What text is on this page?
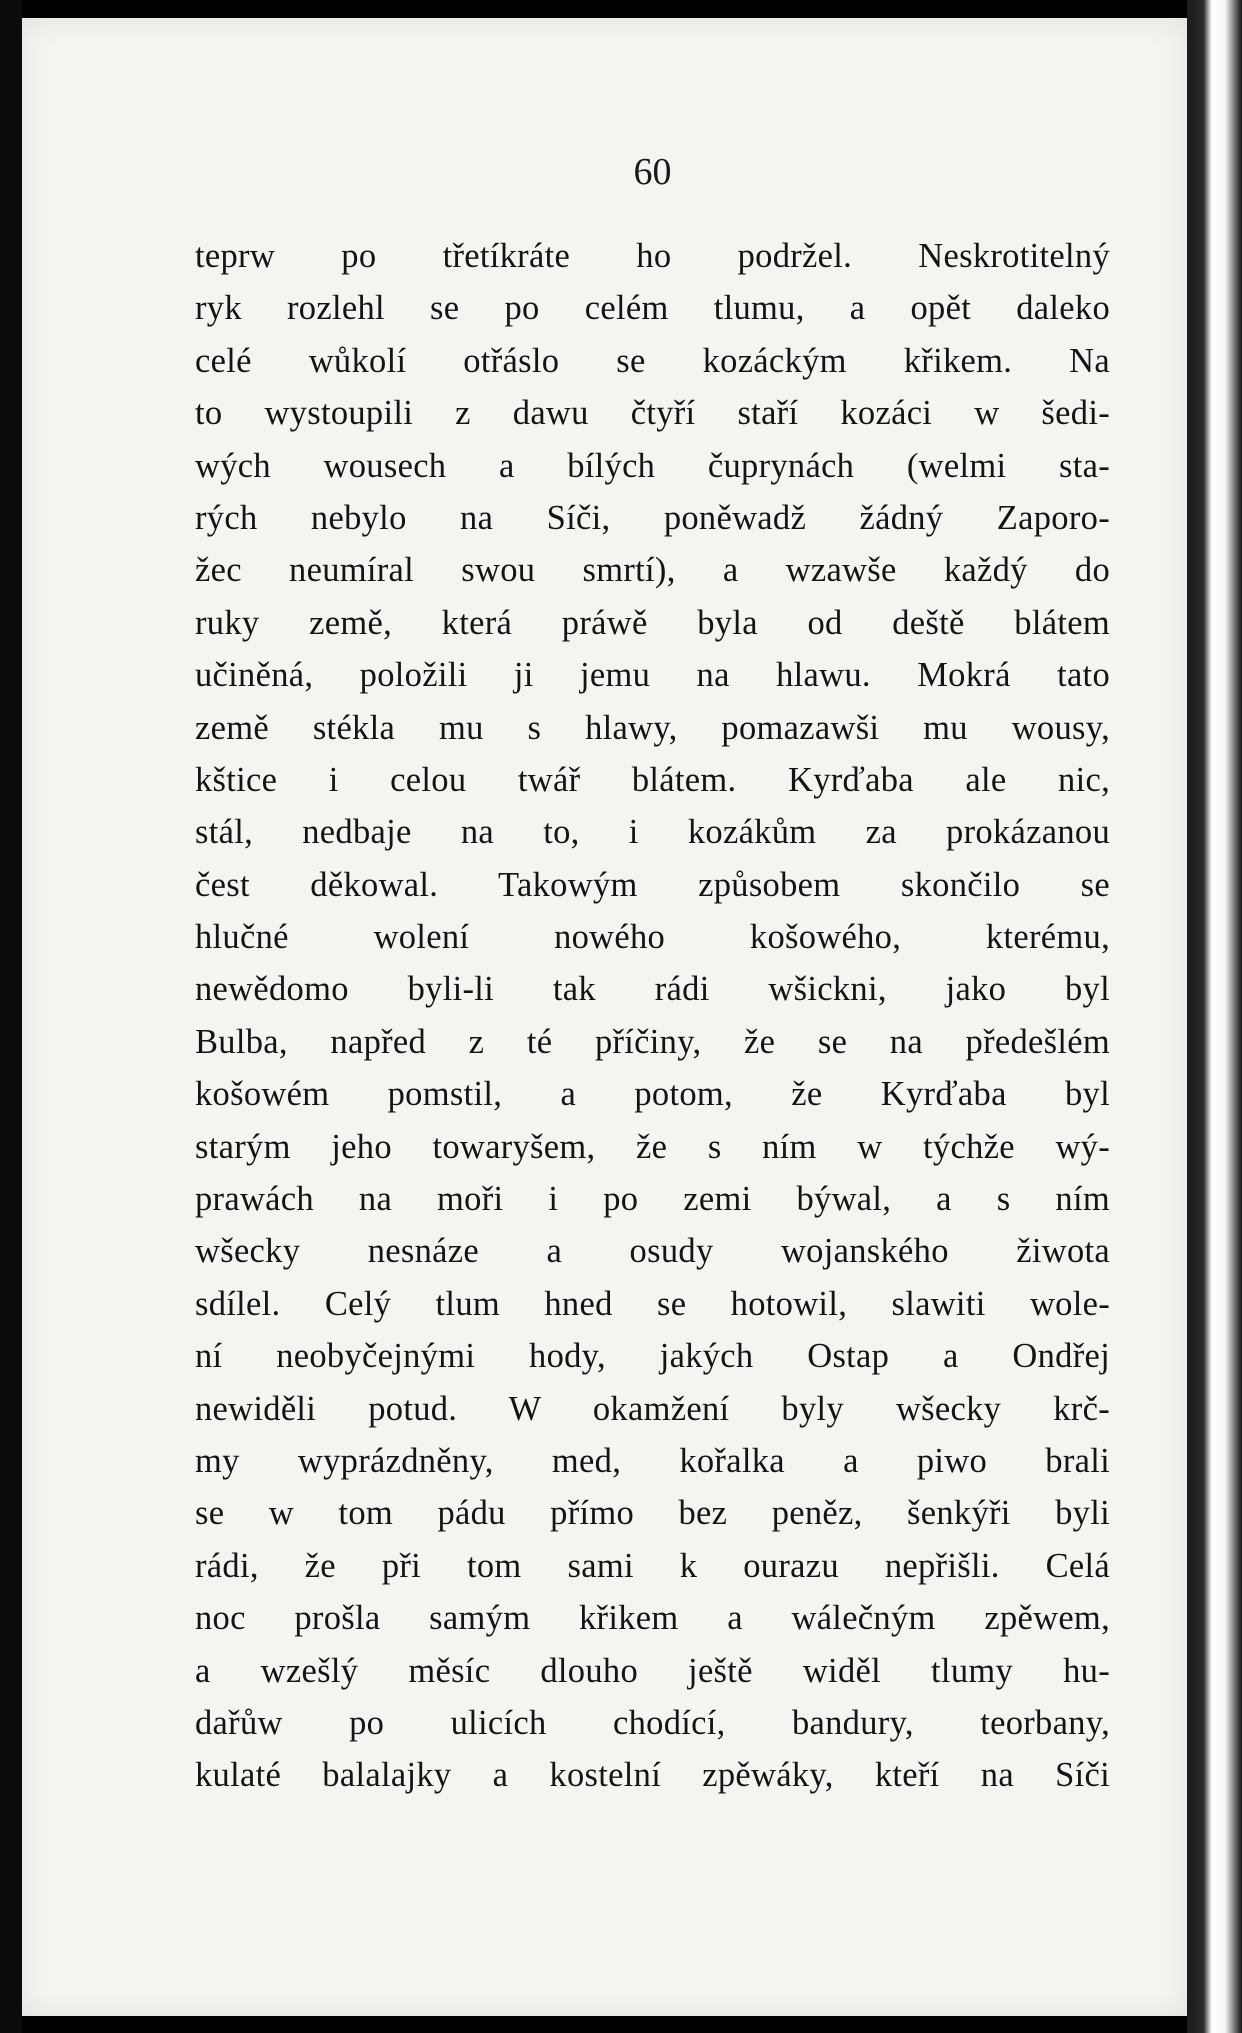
60
teprw po třetíkráte ho podržel. Neskrotitelný
ryk rozlehl se po celém tlumu, a opět daleko
celé wůkolí otřáslo se kozáckým křikem. Na
to wystoupili z dawu čtyří staří kozáci w šedi-
wých wousech a bílých čuprynách (welmi sta-
rých nebylo na Síči, poněwadž žádný Zaporo-
žec neumíral swou smrtí), a wzawše každý do
ruky země, která práwě byla od deště blátem
učiněná, položili ji jemu na hlawu. Mokrá tato
země stékla mu s hlawy, pomazawši mu wousy,
kštice i celou twář blátem. Kyrďaba ale nic,
stál, nedbaje na to, i kozákům za prokázanou
čest děkowal. Takowým způsobem skončilo se
hlučné wolení nowého košowého, kterému,
newědomo byli-li tak rádi wšickni, jako byl
Bulba, napřed z té příčiny, že se na předešlém
košowém pomstil, a potom, že Kyrďaba byl
starým jeho towaryšem, že s ním w týchže wý-
prawách na moři i po zemi býwal, a s ním
wšecky nesnáze a osudy wojanského žiwota
sdílel. Celý tlum hned se hotowil, slawiti wole-
ní neobyčejnými hody, jakých Ostap a Ondřej
newiděli potud. W okamžení byly wšecky krč-
my wyprázdněny, med, kořalka a piwo brali
se w tom pádu přímo bez peněz, šenkýři byli
rádi, že při tom sami k ourazu nepřišli. Celá
noc prošla samým křikem a wálečným zpěwem,
a wzešlý měsíc dlouho ještě widěl tlumy hu-
dařůw po ulicích chodící, bandury, teorbany,
kulaté balalajky a kostelní zpěwáky, kteří na Síči
